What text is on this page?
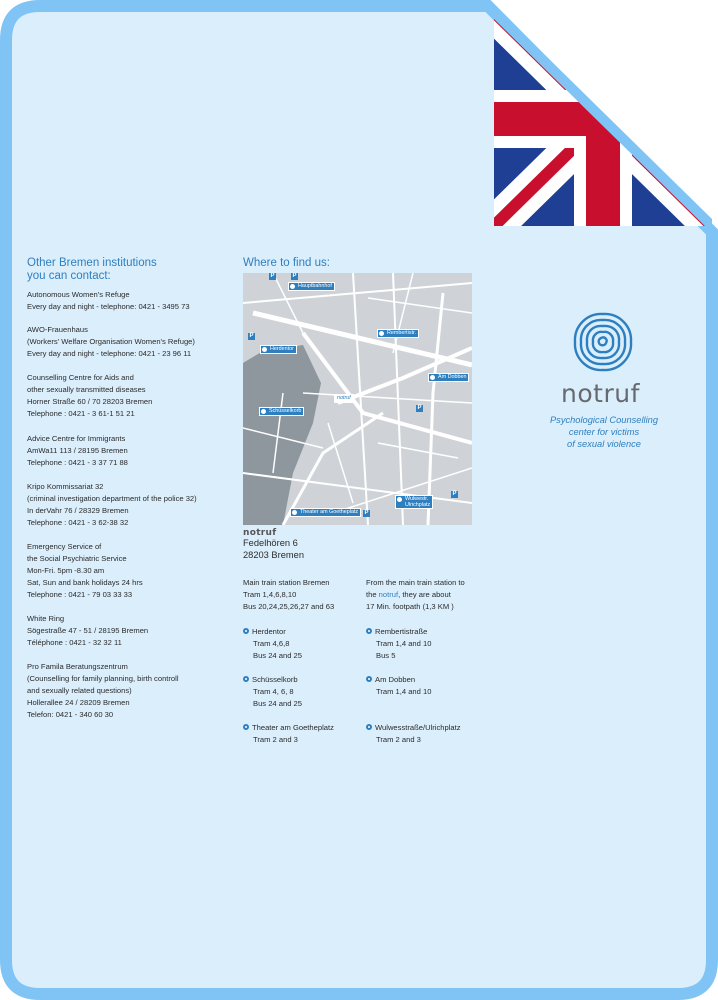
Other Bremen institutions
you can contact:
Autonomous Women's Refuge
Every day and night - telephone: 0421 - 3495 73
AWO-Frauenhaus
(Workers' Welfare Organisation Women's Refuge)
Every day and night - telephone: 0421 - 23 96 11
Counselling Centre for Aids and
other sexually transmitted diseases
Horner Straße 60 / 70 28203 Bremen
Telephone : 0421 - 3 61-1 51 21
Advice Centre for Immigrants
AmWa11 113 / 28195 Bremen
Telephone : 0421 - 3 37 71 88
Kripo Kommissariat 32
(criminal investigation department of the police 32)
In derVahr 76 / 28329 Bremen
Telephone : 0421 - 3 62-38 32
Emergency Service of
the Social Psychiatric Service
Mon-Fri. 5pm -8.30 am
Sat, Sun and bank holidays 24 hrs
Telephone : 0421 - 79 03 33 33
White Ring
Sögestraße 47 - 51 / 28195 Bremen
Téléphone : 0421 - 32 32 11
Pro Famila Beratungszentrum
(Counselling for family planning, birth controll
and sexually related questions)
Hollerallee 24 / 28209 Bremen
Telefon: 0421 - 340 60 30
Where to find us:
Hauptbahnhof
Rembertistr.
Herdentor
Am Dobben
Schüsselkorb
notruf
Wulwestr.
Ulrichplatz
Theater am Goetheplatz
P	P
P
P
P
P
notruf
Fedelhören 6
28203 Bremen
Main train station Bremen
Tram 1,4,6,8,10
Bus 20,24,25,26,27 and 63
From the main train station to
the notruf, they are about
17 Min. footpath (1,3 KM )
Herdentor
Tram 4,6,8
Bus 24 and 25
Rembertistraße
Tram 1,4 and 10
Bus 5
Schüsselkorb
Tram 4, 6, 8
Bus 24 and 25
Am Dobben
Tram 1,4 and 10
Theater am Goetheplatz
Tram 2 and 3
Wulwesstraße/Ulrichplatz
Tram 2 and 3
notruf
Psychological Counselling
center for victims
of sexual violence
